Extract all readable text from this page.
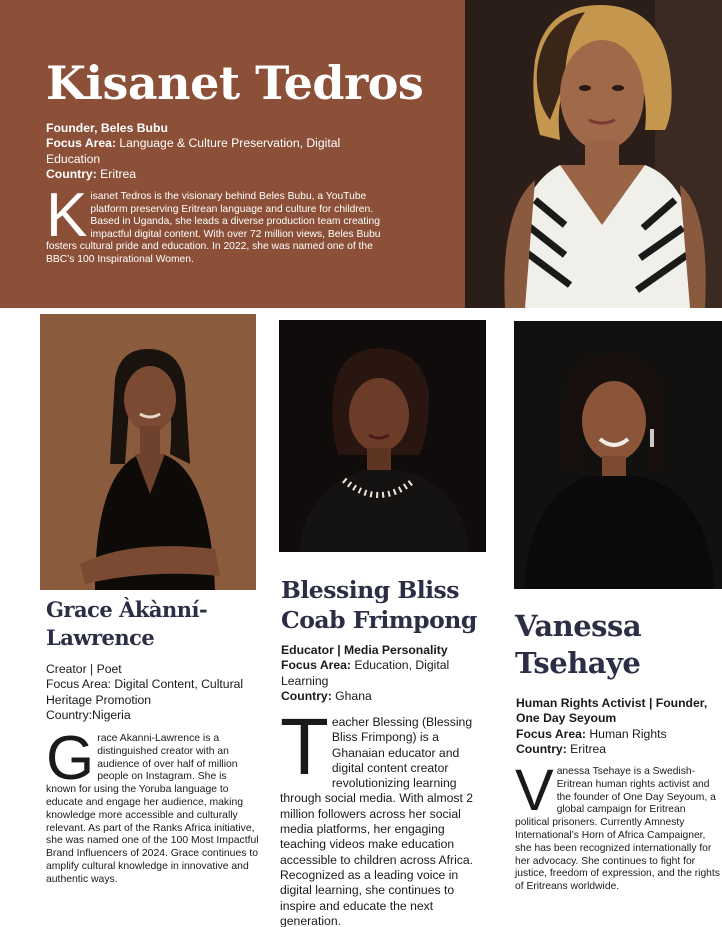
Kisanet Tedros
Founder, Beles Bubu
Focus Area: Language & Culture Preservation, Digital Education
Country: Eritrea
Kisanet Tedros is the visionary behind Beles Bubu, a YouTube platform preserving Eritrean language and culture for children. Based in Uganda, she leads a diverse production team creating impactful digital content. With over 72 million views, Beles Bubu fosters cultural pride and education. In 2022, she was named one of the BBC’s 100 Inspirational Women.
Grace Àkànní-Lawrence
Creator | Poet
Focus Area: Digital Content, Cultural Heritage Promotion
Country:Nigeria
Grace Akanni-Lawrence is a distinguished creator with an audience of over half of million people on Instagram. She is known for using the Yoruba language to educate and engage her audience, making knowledge more accessible and culturally relevant. As part of the Ranks Africa initiative, she was named one of the 100 Most Impactful Brand Influencers of 2024. Grace continues to amplify cultural knowledge in innovative and authentic ways.
Blessing Bliss Coab Frimpong
Educator | Media Personality
Focus Area: Education, Digital Learning
Country: Ghana
Teacher Blessing (Blessing Bliss Frimpong) is a Ghanaian educator and digital content creator revolutionizing learning through social media. With almost 2 million followers across her social media platforms, her engaging teaching videos make education accessible to children across Africa. Recognized as a leading voice in digital learning, she continues to inspire and educate the next generation.
Vanessa Tsehaye
Human Rights Activist | Founder, One Day Seyoum
Focus Area: Human Rights
Country: Eritrea
Vanessa Tsehaye is a Swedish-Eritrean human rights activist and the founder of One Day Seyoum, a global campaign for Eritrean political prisoners. Currently Amnesty International’s Horn of Africa Campaigner, she has been recognized internationally for her advocacy. She continues to fight for justice, freedom of expression, and the rights of Eritreans worldwide.
